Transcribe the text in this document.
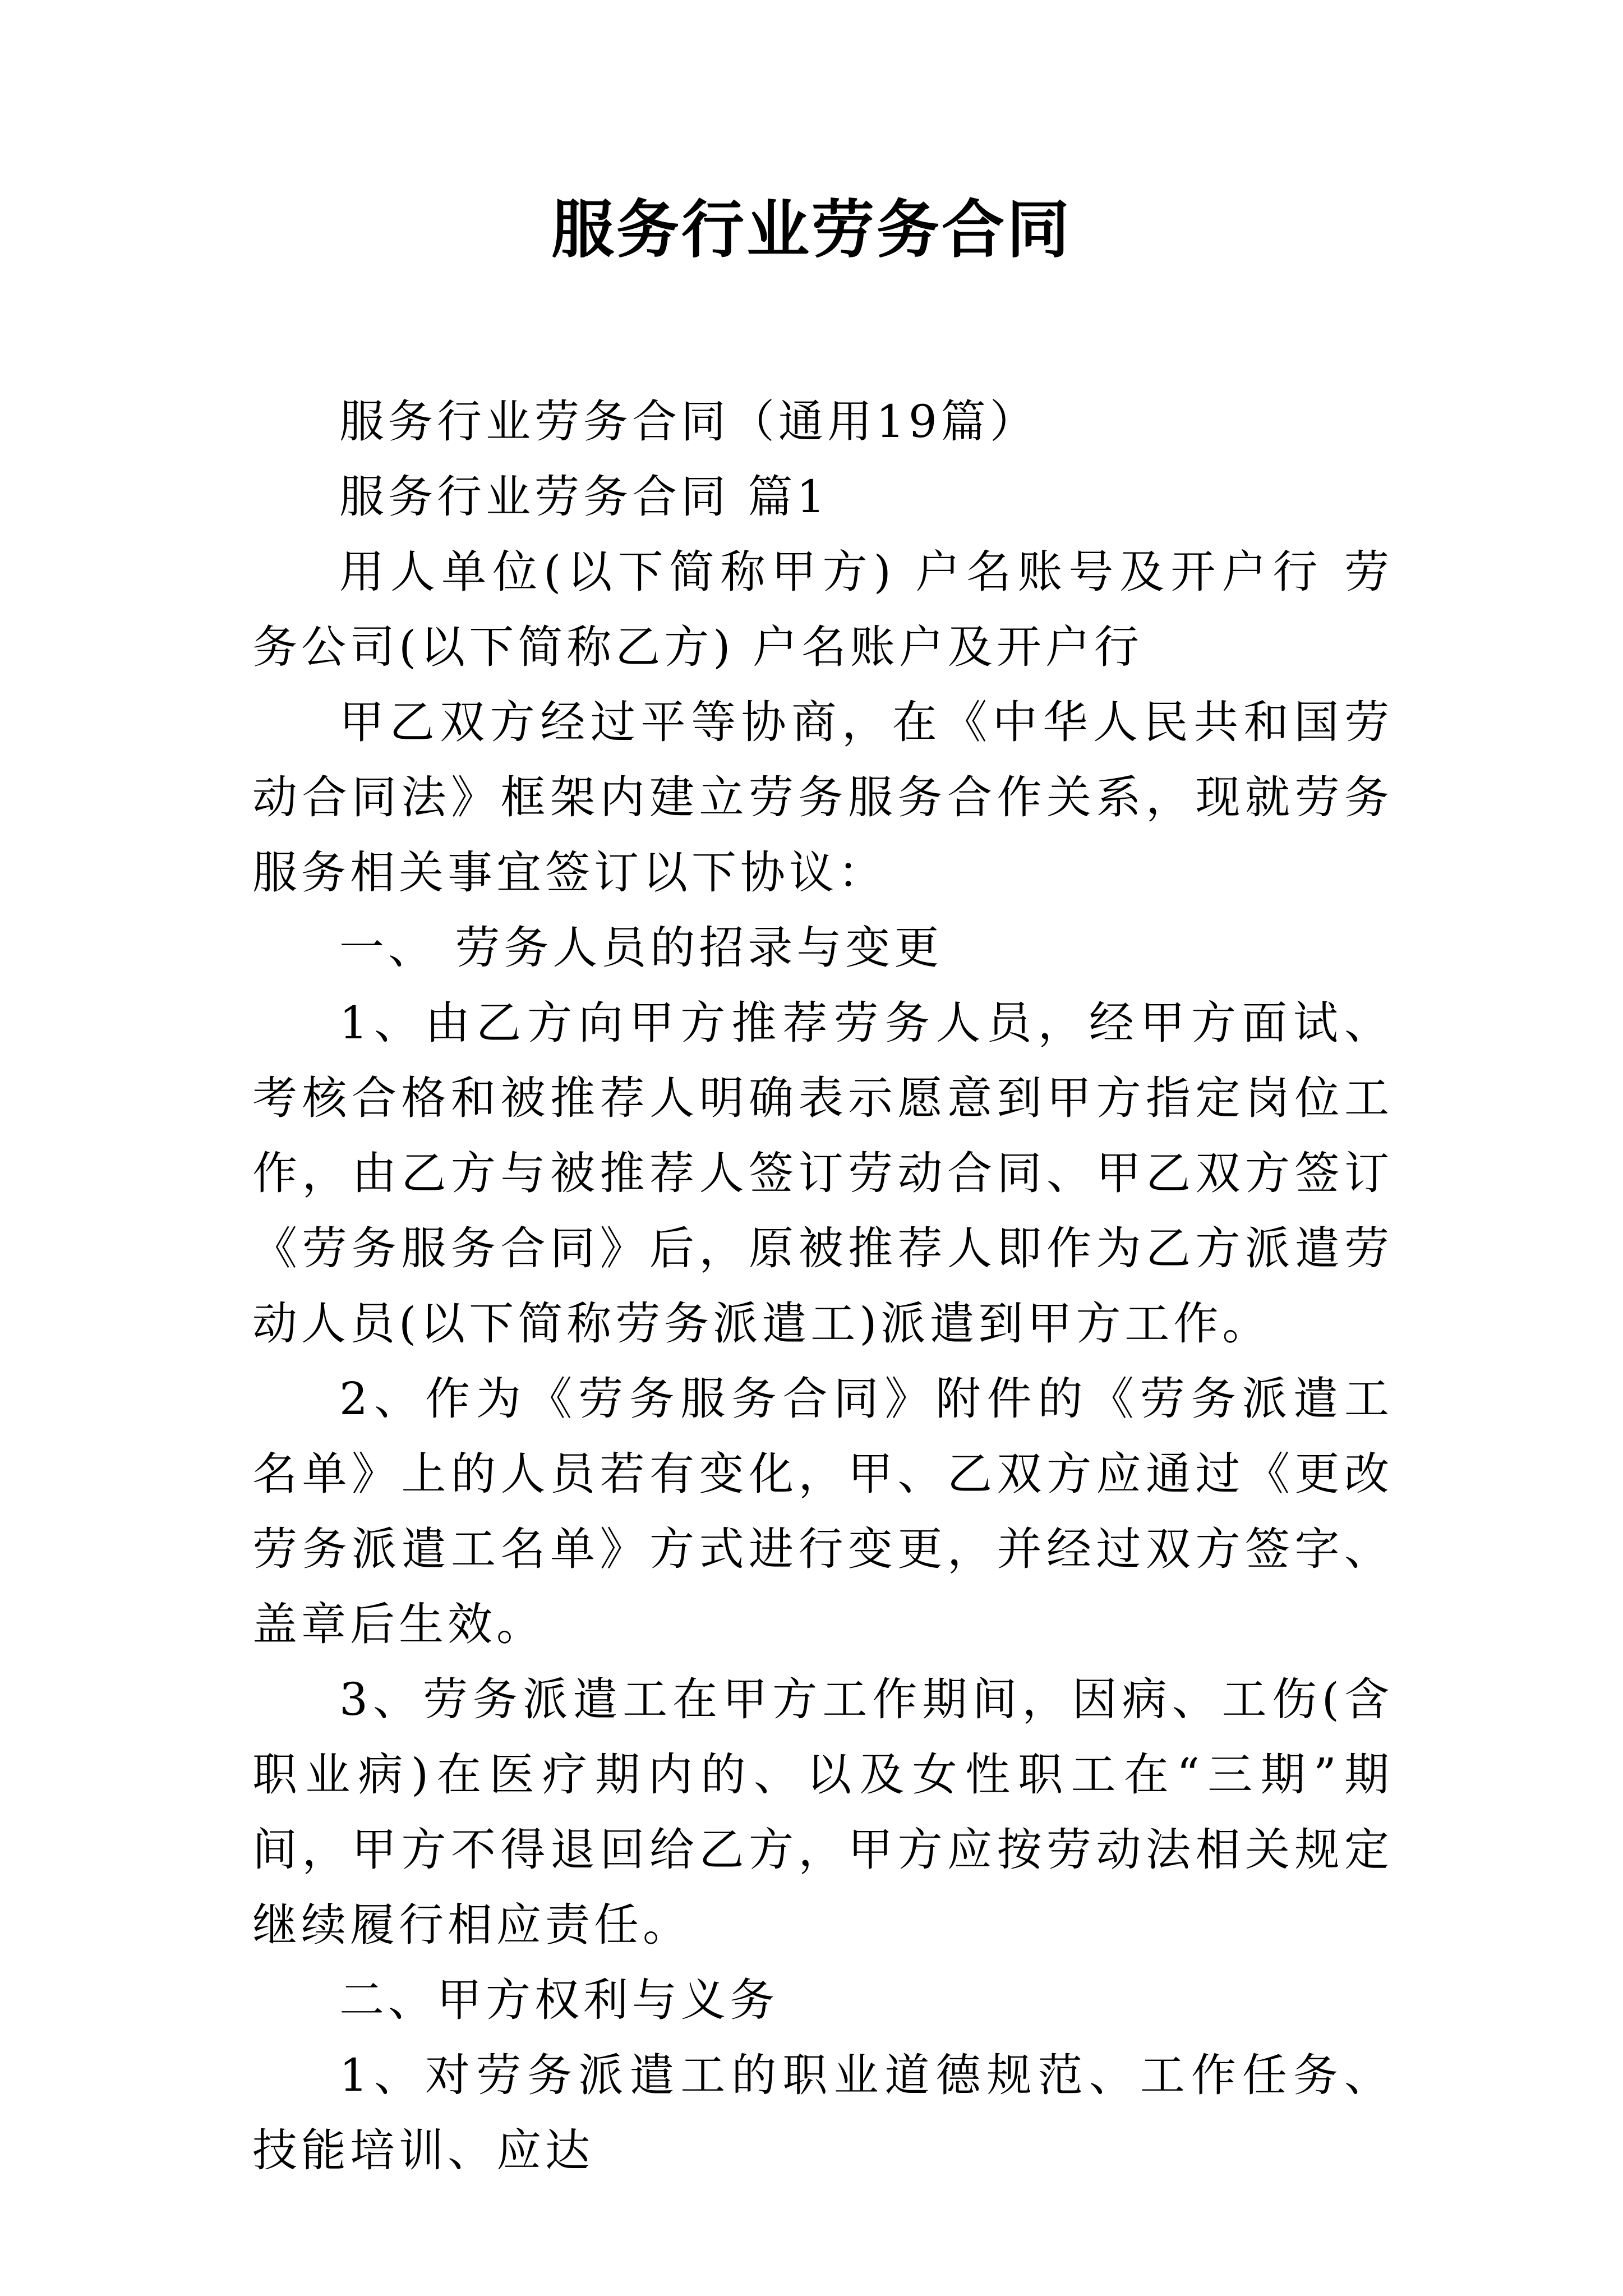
服务行业劳务合同

服务行业劳务合同（通用19篇）

服务行业劳务合同 篇1

用人单位(以下简称甲方) 户名账号及开户行 劳务公司(以下简称乙方) 户名账户及开户行

甲乙双方经过平等协商，在《中华人民共和国劳动合同法》框架内建立劳务服务合作关系，现就劳务服务相关事宜签订以下协议：

一、 劳务人员的招录与变更

1、由乙方向甲方推荐劳务人员，经甲方面试、考核合格和被推荐人明确表示愿意到甲方指定岗位工作，由乙方与被推荐人签订劳动合同、甲乙双方签订《劳务服务合同》后，原被推荐人即作为乙方派遣劳动人员(以下简称劳务派遣工)派遣到甲方工作。

2、作为《劳务服务合同》附件的《劳务派遣工名单》上的人员若有变化，甲、乙双方应通过《更改劳务派遣工名单》方式进行变更，并经过双方签字、盖章后生效。

3、劳务派遣工在甲方工作期间，因病、工伤(含职业病)在医疗期内的、以及女性职工在“三期”期间，甲方不得退回给乙方，甲方应按劳动法相关规定继续履行相应责任。

二、甲方权利与义务

1、对劳务派遣工的职业道德规范、工作任务、技能培训、应达
